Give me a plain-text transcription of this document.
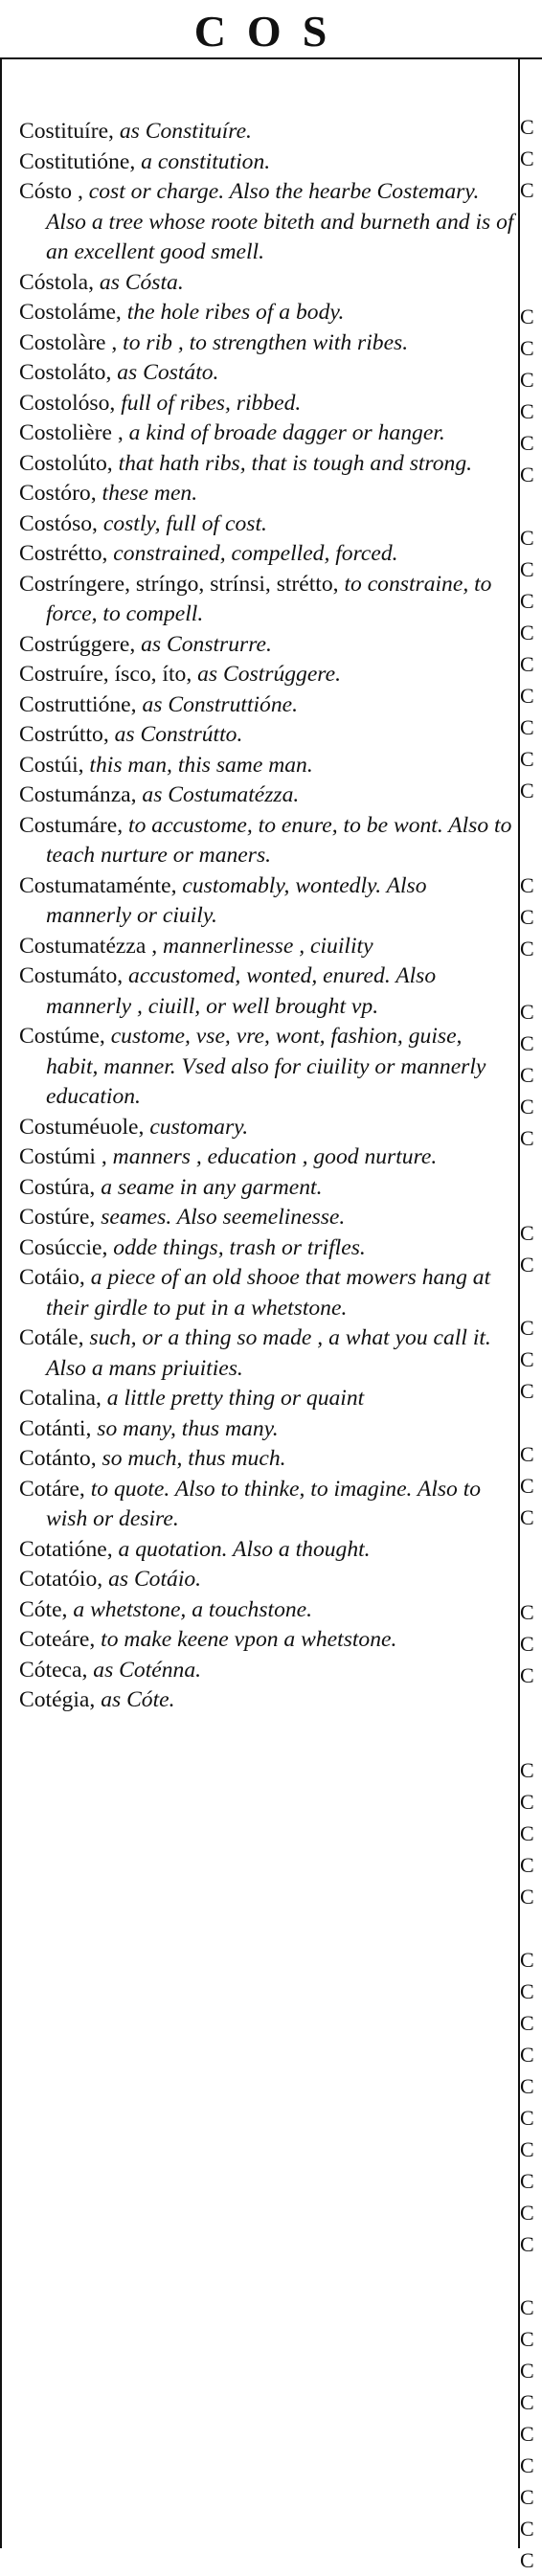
COS
Costituíre, as Constituíre.
Costitutióne, a constitution.
Cósto , cost or charge. Also the hearbe Costemary. Also a tree whose roote biteth and burneth and is of an excellent good smell.
Cóstola, as Cósta.
Costoláme, the hole ribes of a body.
Costolàre , to rib , to strengthen with ribes.
Costoláto, as Costáto.
Costolóso, full of ribes, ribbed.
Costolière , a kind of broade dagger or hanger.
Costolúto, that hath ribs, that is tough and strong.
Costóro, these men.
Costóso, costly, full of cost.
Costrétto, constrained, compelled, forced.
Costríngere, stríngo, strínsi, strétto, to constraine, to force, to compell.
Costrúggere, as Construrre.
Costruíre, ísco, íto, as Costrúggere.
Costruttióne, as Construttióne.
Costrútto, as Constrútto.
Costúi, this man, this same man.
Costumánza, as Costumatézza.
Costumáre, to accustome, to enure, to be wont. Also to teach nurture or maners.
Costumataménte, customably, wontedly. Also mannerly or ciuily.
Costumatézza , mannerlinesse , ciuility
Costumáto, accustomed, wonted, enured. Also mannerly , ciuill, or well brought vp.
Costúme, custome, vse, vre, wont, fashion, guise, habit, manner. Vsed also for ciuility or mannerly education.
Costuméuole, customary.
Costúmi , manners , education , good nurture.
Costúra, a seame in any garment.
Costúre, seames. Also seemelinesse.
Cosúccie, odde things, trash or trifles.
Cotáio, a piece of an old shooe that mowers hang at their girdle to put in a whetstone.
Cotále, such, or a thing so made , a what you call it. Also a mans priuities.
Cotalina, a little pretty thing or quaint
Cotánti, so many, thus many.
Cotánto, so much, thus much.
Cotáre, to quote. Also to thinke, to imagine. Also to wish or desire.
Cotatióne, a quotation. Also a thought.
Cotatóio, as Cotáio.
Cóte, a whetstone, a touchstone.
Coteáre, to make keene vpon a whetstone.
Cóteca, as Coténna.
Cotégia, as Cóte.
C
C
C
C
C
C
C
C
C
C
C
C
C
C
C
C
C
C
C
C
C
C
C
C
C
C
C
C
C
C
C
C
C
C
C
C
C
C
C
C
C
C
C
C
C
C
C
C
C
C
C
C
C
C
C
C
C
C
C
C
C
